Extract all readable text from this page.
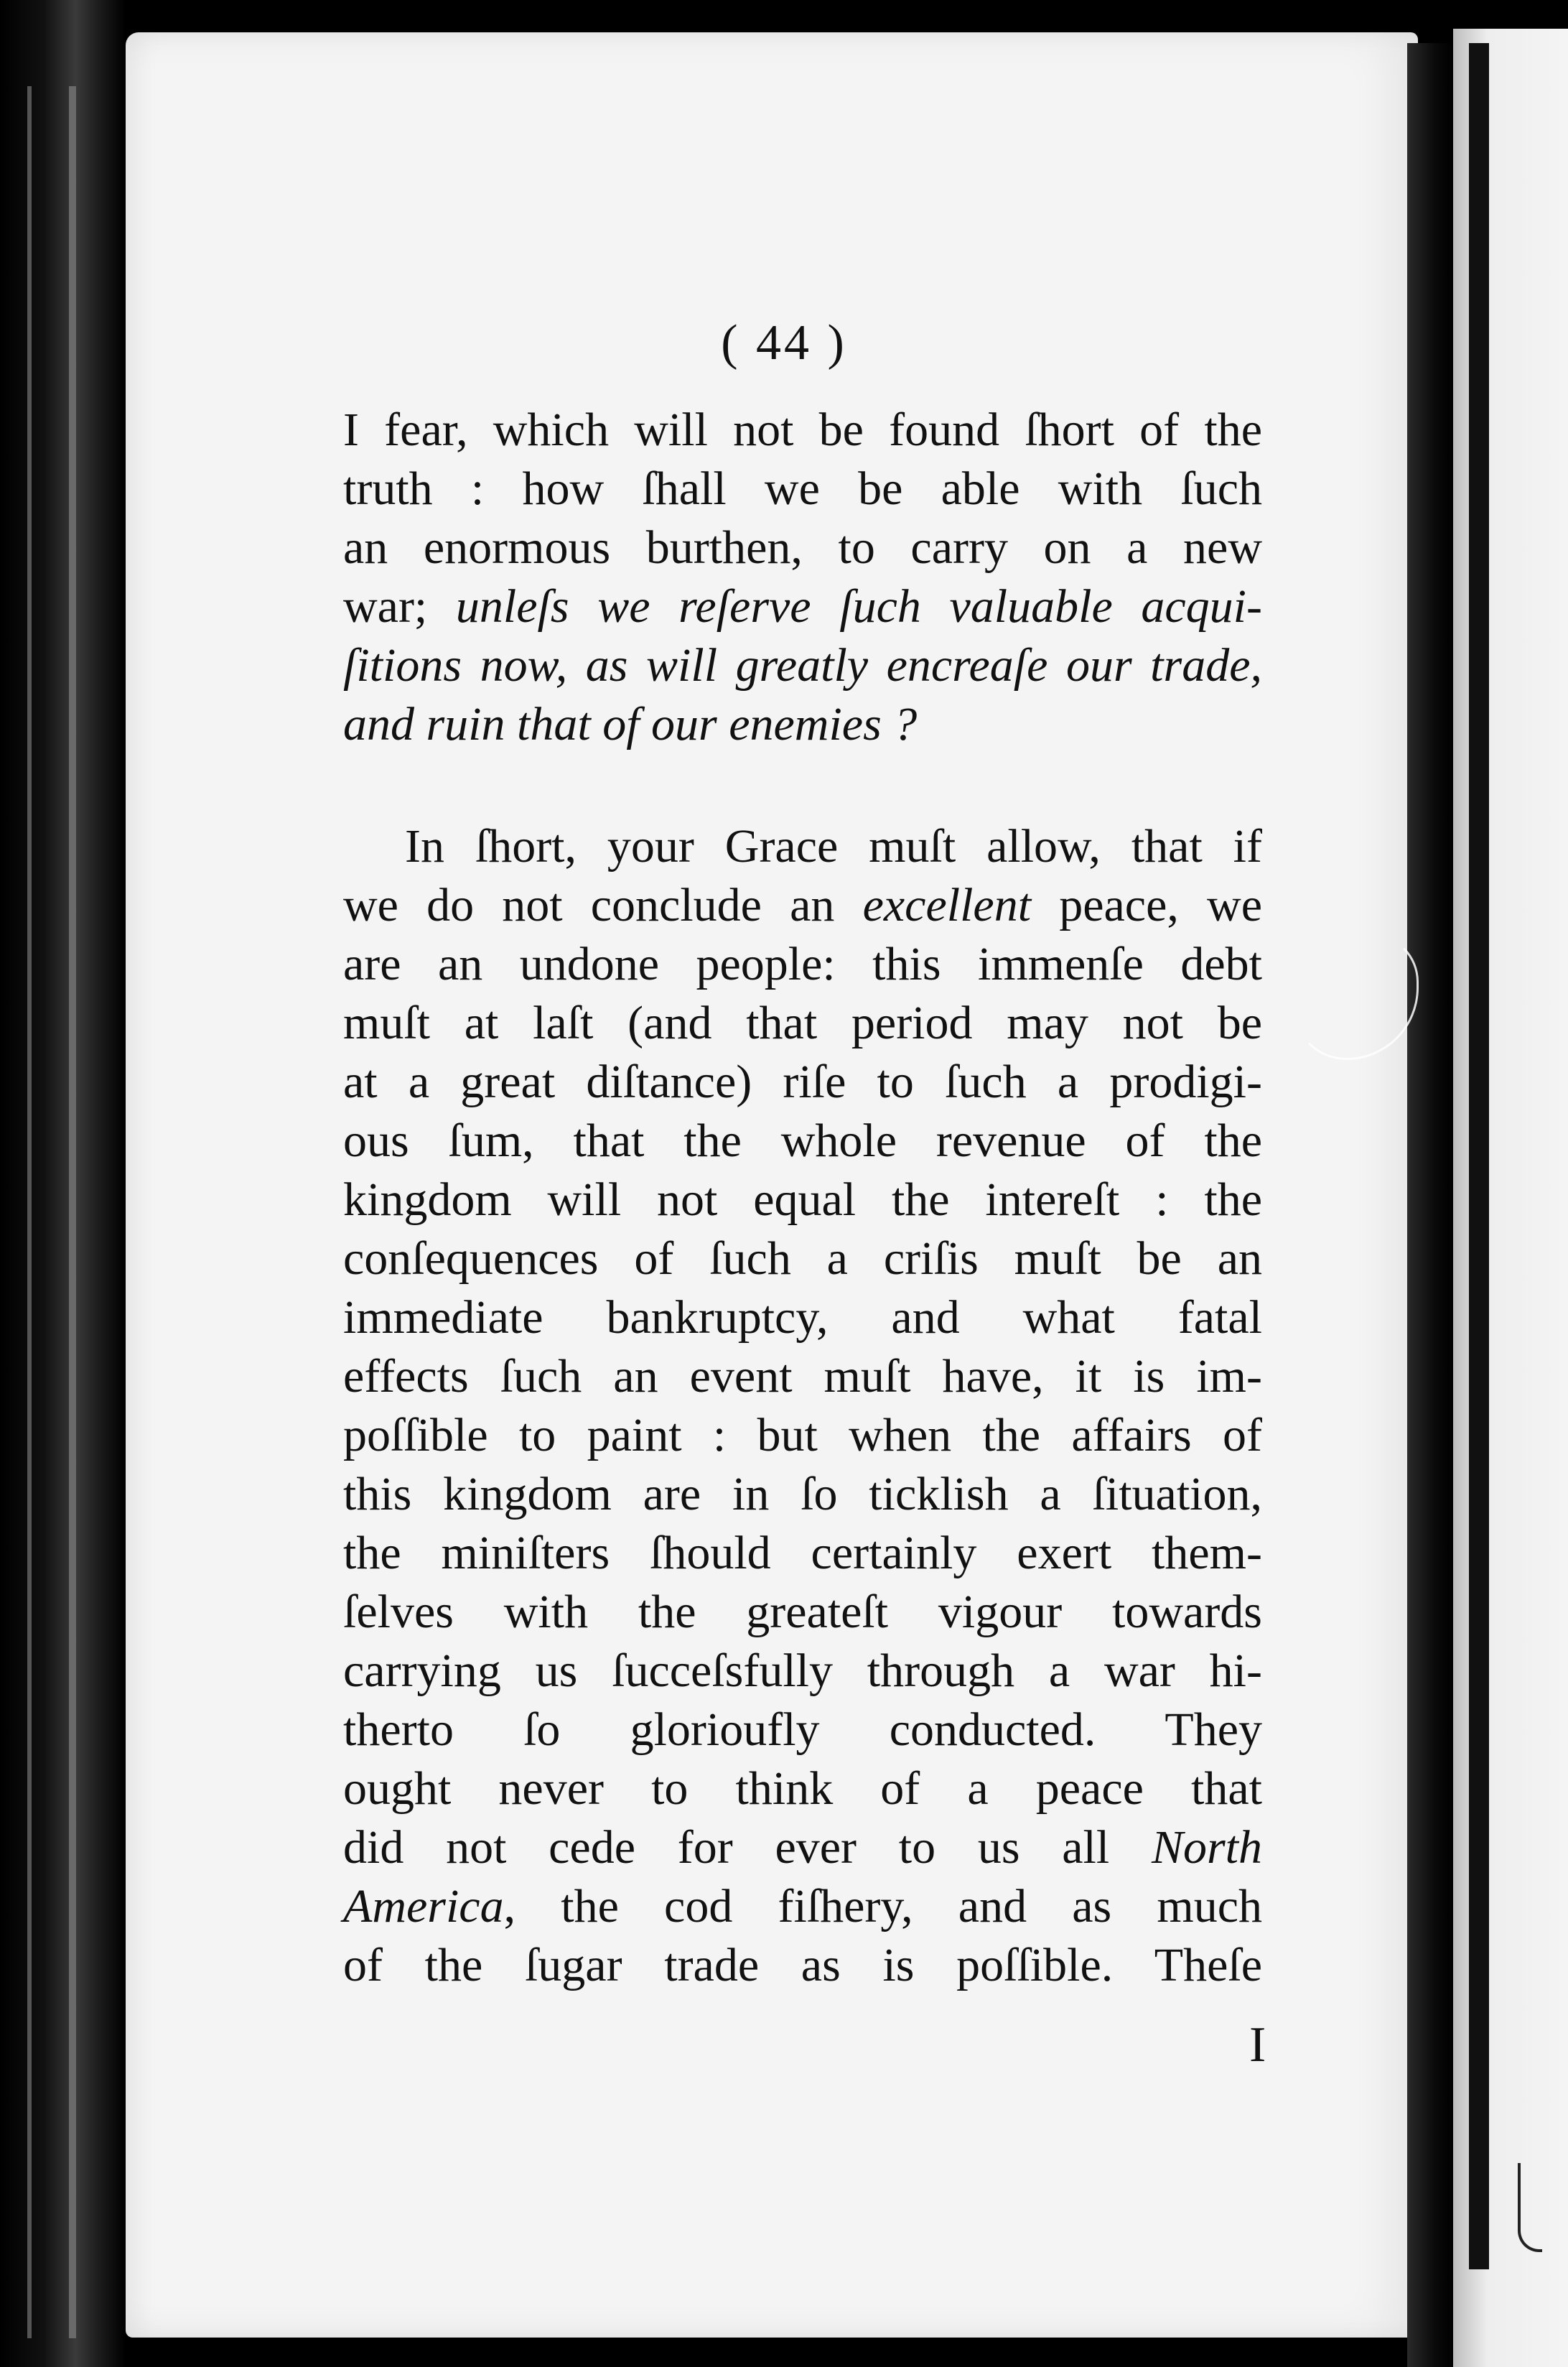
( 44 )
I fear, which will not be found ſhort of the
truth : how ſhall we be able with ſuch
an enormous burthen, to carry on a new
war; unleſs we reſerve ſuch valuable acqui-
ſitions now, as will greatly encreaſe our trade,
and ruin that of our enemies ?
In ſhort, your Grace muſt allow, that if
we do not conclude an excellent peace, we
are an undone people: this immenſe debt
muſt at laſt (and that period may not be
at a great diſtance) riſe to ſuch a prodigi-
ous ſum, that the whole revenue of the
kingdom will not equal the intereſt : the
conſequences of ſuch a criſis muſt be an
immediate bankruptcy, and what fatal
effects ſuch an event muſt have, it is im-
poſſible to paint : but when the affairs of
this kingdom are in ſo ticklish a ſituation,
the miniſters ſhould certainly exert them-
ſelves with the greateſt vigour towards
carrying us ſucceſsfully through a war hi-
therto ſo glorioufly conducted. They
ought never to think of a peace that
did not cede for ever to us all North
America, the cod fiſhery, and as much
of the ſugar trade as is poſſible. Theſe
I
